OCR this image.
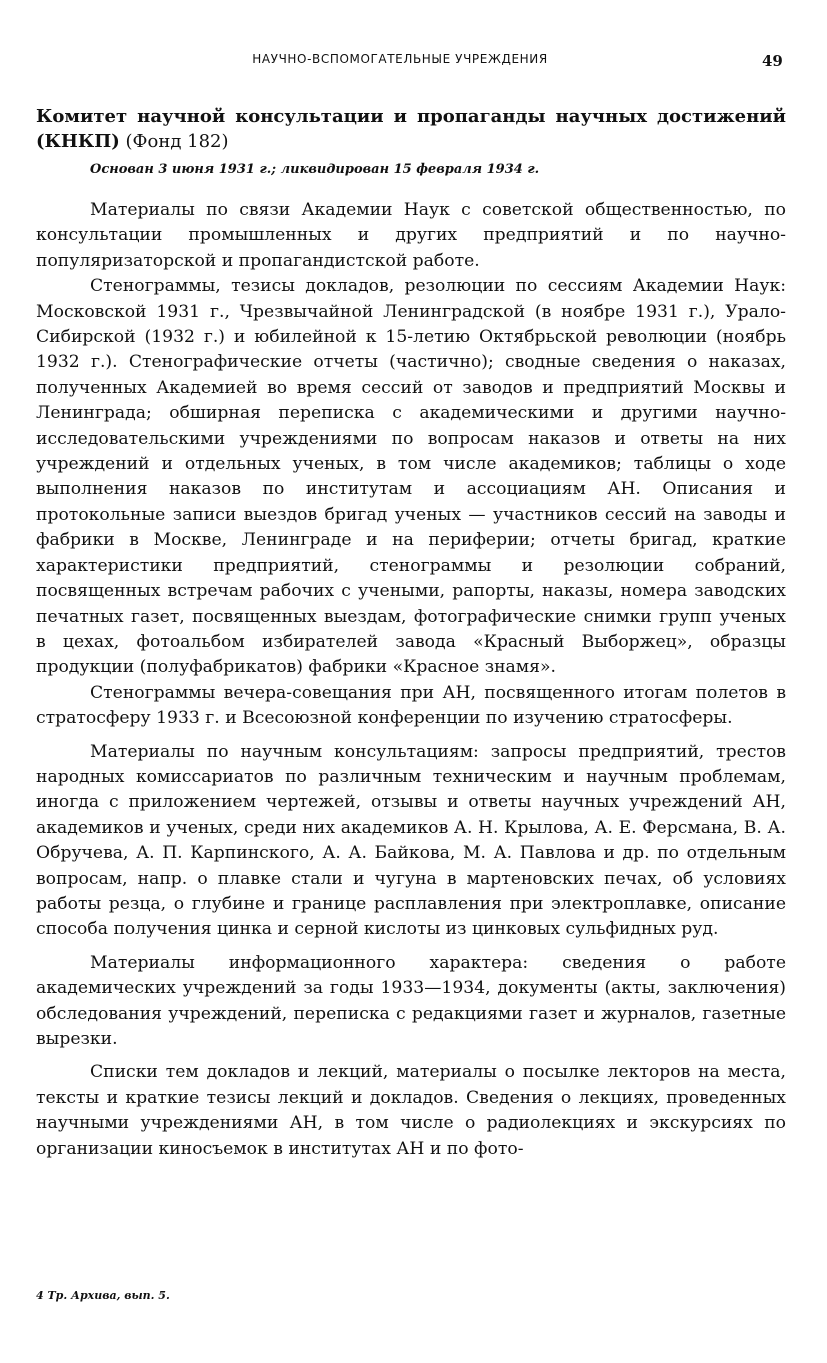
НАУЧНО-ВСПОМОГАТЕЛЬНЫЕ УЧРЕЖДЕНИЯ	49
Комитет научной консультации и пропаганды научных достижений (КНКП) (Фонд 182)
Основан 3 июня 1931 г.; ликвидирован 15 февраля 1934 г.

Материалы по связи Академии Наук с советской общественностью, по консультации промышленных и других предприятий и по научно-популяризаторской и пропагандистской работе.

Стенограммы, тезисы докладов, резолюции по сессиям Академии Наук: Московской 1931 г., Чрезвычайной Ленинградской (в ноябре 1931 г.), Урало-Сибирской (1932 г.) и юбилейной к 15-летию Октябрьской революции (ноябрь 1932 г.). Стенографические отчеты (частично); сводные сведения о наказах, полученных Академией во время сессий от заводов и предприятий Москвы и Ленинграда; обширная переписка с академическими и другими научно-исследовательскими учреждениями по вопросам наказов и ответы на них учреждений и отдельных ученых, в том числе академиков; таблицы о ходе выполнения наказов по институтам и ассоциациям АН. Описания и протокольные записи выездов бригад ученых — участников сессий на заводы и фабрики в Москве, Ленинграде и на периферии; отчеты бригад, краткие характеристики предприятий, стенограммы и резолюции собраний, посвященных встречам рабочих с учеными, рапорты, наказы, номера заводских печатных газет, посвященных выездам, фотографические снимки групп ученых в цехах, фотоальбом избирателей завода «Красный Выборжец», образцы продукции (полуфабрикатов) фабрики «Красное знамя».

Стенограммы вечера-совещания при АН, посвященного итогам полетов в стратосферу 1933 г. и Всесоюзной конференции по изучению стратосферы.

Материалы по научным консультациям: запросы предприятий, трестов народных комиссариатов по различным техническим и научным проблемам, иногда с приложением чертежей, отзывы и ответы научных учреждений АН, академиков и ученых, среди них академиков А. Н. Крылова, А. Е. Ферсмана, В. А. Обручева, А. П. Карпинского, А. А. Байкова, М. А. Павлова и др. по отдельным вопросам, напр. о плавке стали и чугуна в мартеновских печах, об условиях работы резца, о глубине и границе расплавления при электроплавке, описание способа получения цинка и серной кислоты из цинковых сульфидных руд.

Материалы информационного характера: сведения о работе академических учреждений за годы 1933—1934, документы (акты, заключения) обследования учреждений, переписка с редакциями газет и журналов, газетные вырезки.

Списки тем докладов и лекций, материалы о посылке лекторов на места, тексты и краткие тезисы лекций и докладов. Сведения о лекциях, проведенных научными учреждениями АН, в том числе о радиолекциях и экскурсиях по организации киносъемок в институтах АН и по фото-

4 Тр. Архива, вып. 5.
